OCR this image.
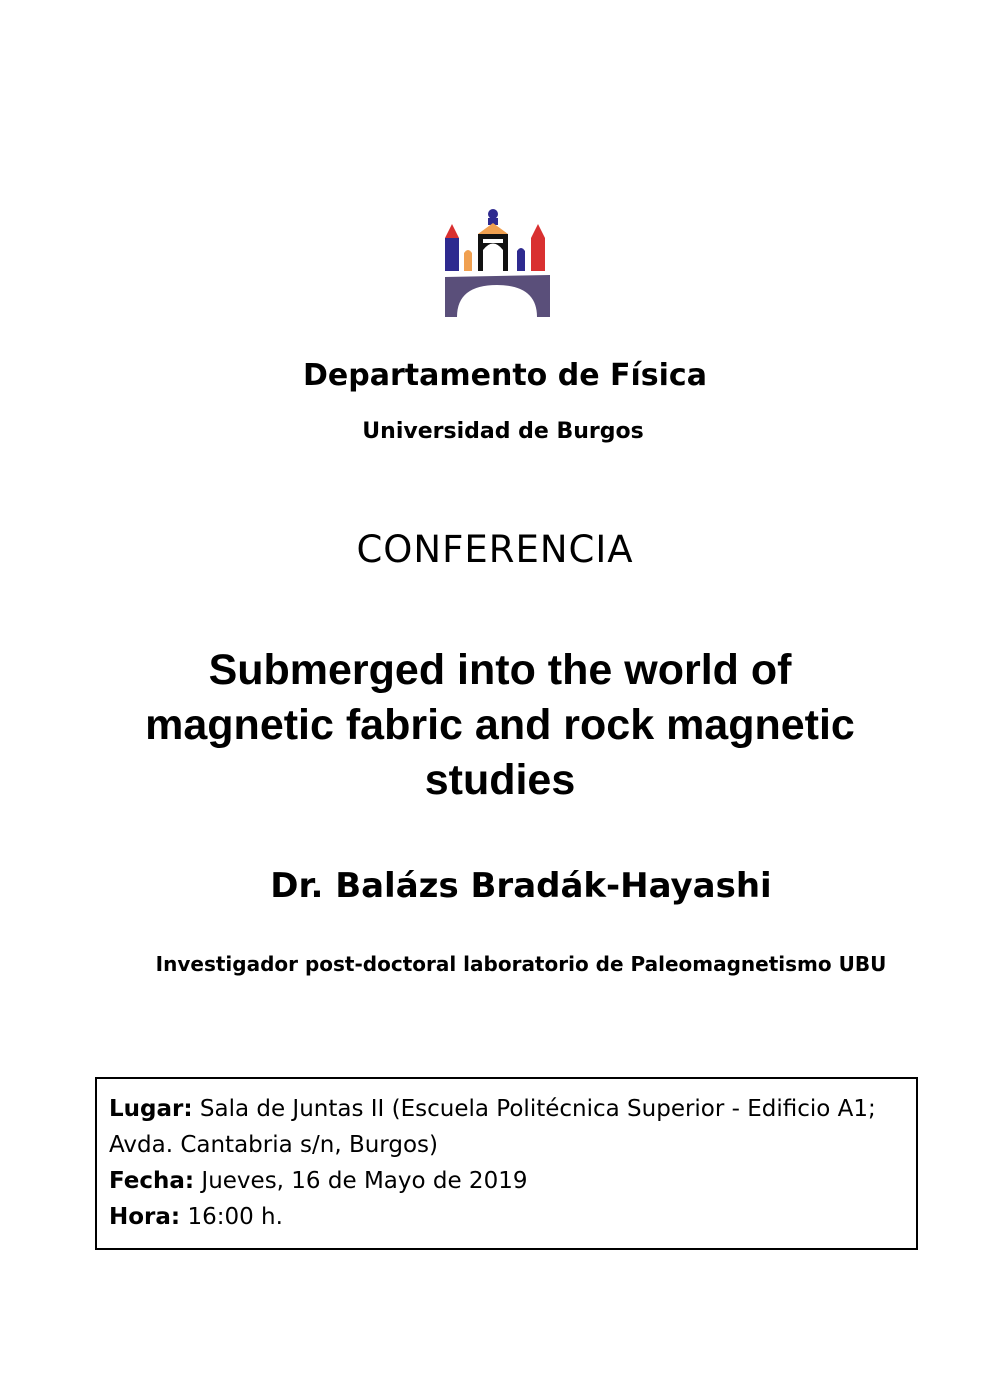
Departamento de Física
Universidad de Burgos
CONFERENCIA
Submerged into the world of
magnetic fabric and rock magnetic
studies
Dr. Balázs Bradák-Hayashi
Investigador post-doctoral laboratorio de Paleomagnetismo UBU

Lugar: Sala de Juntas II (Escuela Politécnica Superior - Edificio A1;

Avda. Cantabria s/n, Burgos)

Fecha: Jueves, 16 de Mayo de 2019

Hora: 16:00 h.
